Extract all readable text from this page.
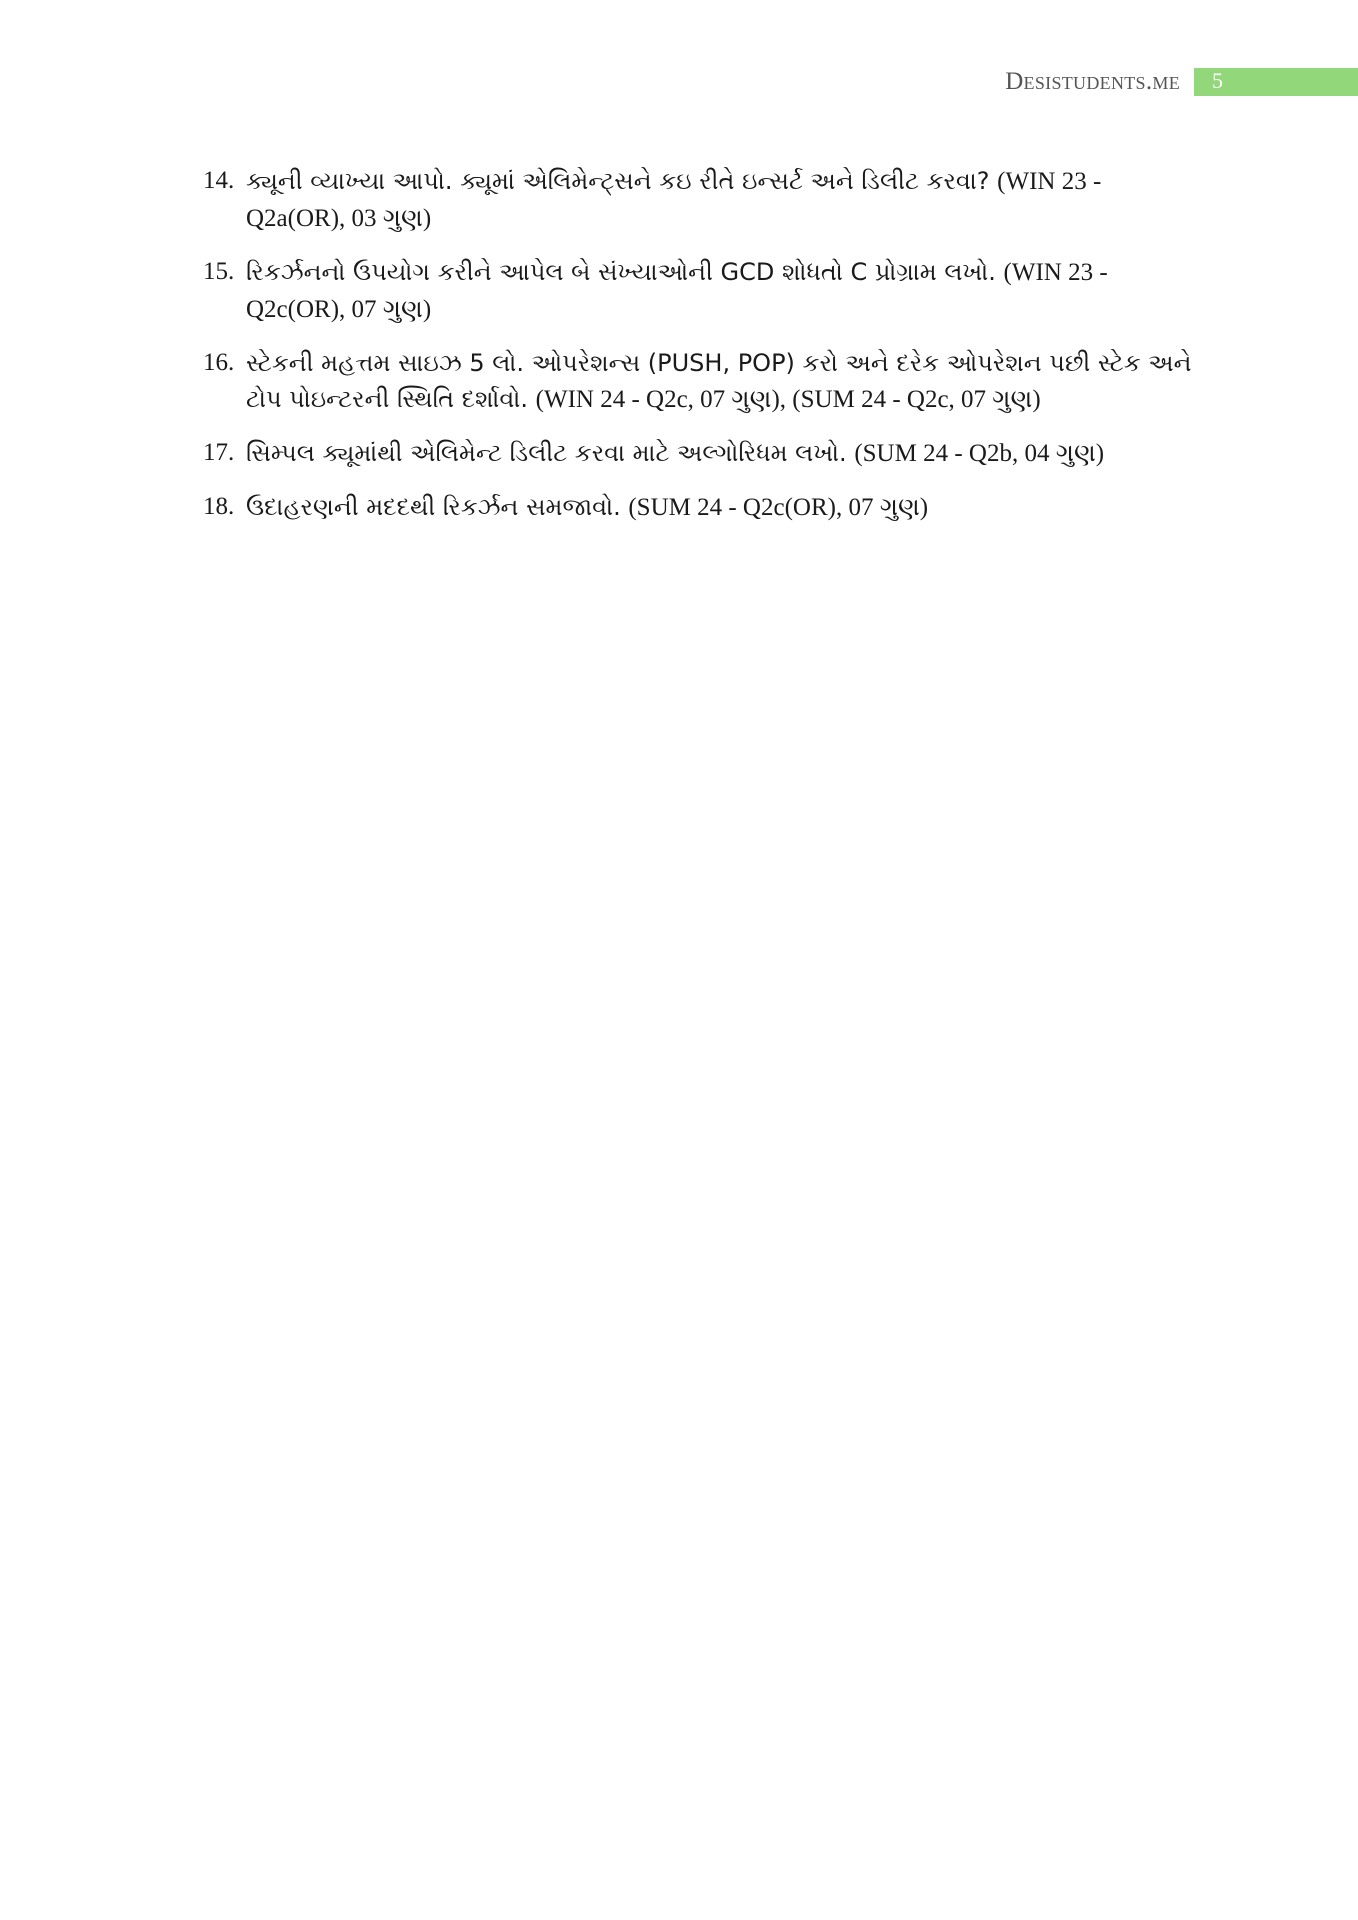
Desistudents.me	5
14. ક્યૂની વ્યાખ્યા આપો. ક્યૂમાં એલિમેન્ટ્સને કઇ રીતે ઇન્સર્ટ અને ડિલીટ કરવા? (WIN 23 - Q2a(OR), 03 ગુણ)
15. રિકર્ઝનનો ઉપયોગ કરીને આપેલ બે સંખ્યાઓની GCD શોધતો C પ્રોગ્રામ લખો. (WIN 23 - Q2c(OR), 07 ગુણ)
16. સ્ટેકની મહત્તમ સાઇઝ 5 લો. ઓપરેશન્સ (PUSH, POP) કરો અને દરેક ઓપરેશન પછી સ્ટેક અને ટોપ પોઇન્ટરની સ્થિતિ દર્શાવો. (WIN 24 - Q2c, 07 ગુણ), (SUM 24 - Q2c, 07 ગુણ)
17. સિમ્પલ ક્યૂમાંથી એલિમેન્ટ ડિલીટ કરવા માટે અલ્ગોરિધમ લખો. (SUM 24 - Q2b, 04 ગુણ)
18. ઉદાહરણની મદદથી રિકર્ઝન સમજાવો. (SUM 24 - Q2c(OR), 07 ગુણ)
